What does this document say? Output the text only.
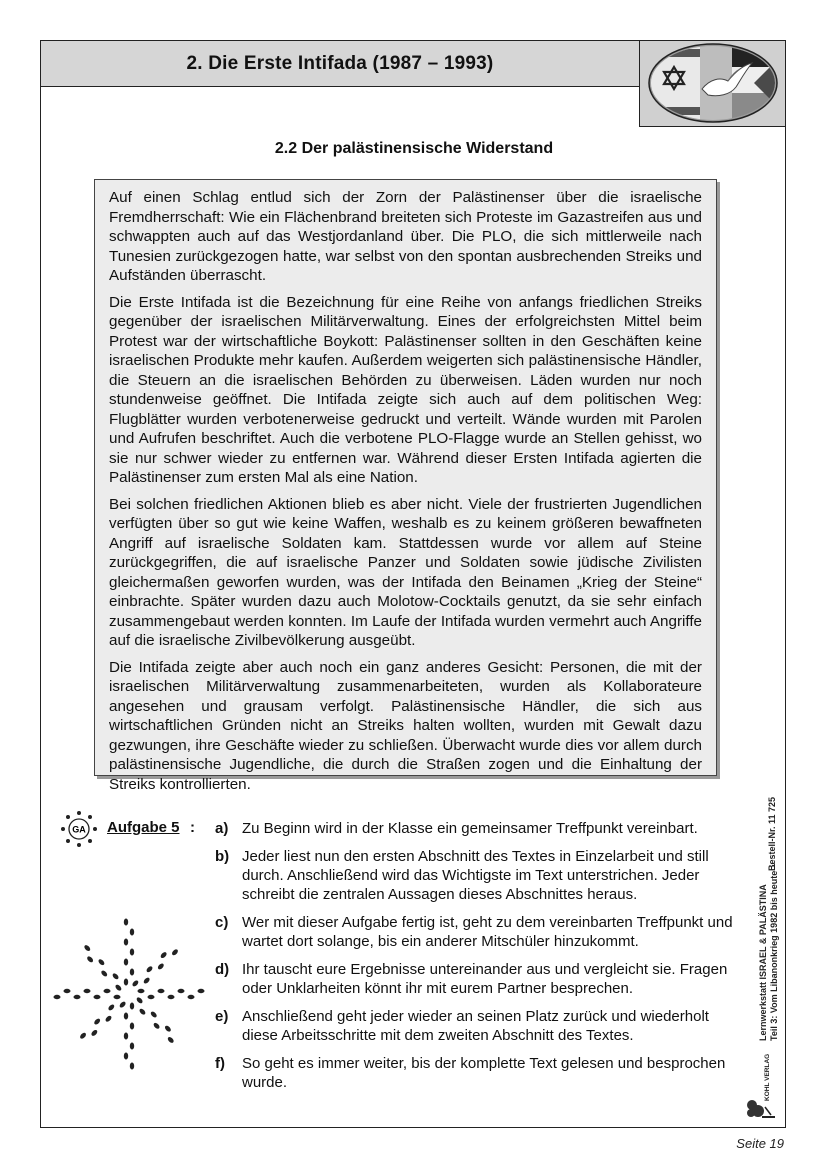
2. Die Erste Intifada (1987 – 1993)
2.2 Der palästinensische Widerstand

Auf einen Schlag entlud sich der Zorn der Palästinenser über die israelische Fremdherrschaft: Wie ein Flächenbrand breiteten sich Proteste im Gazastreifen aus und schwappten auch auf das Westjordanland über. Die PLO, die sich mittlerweile nach Tunesien zurückgezogen hatte, war selbst von den spontan ausbrechenden Streiks und Aufständen überrascht.

Die Erste Intifada ist die Bezeichnung für eine Reihe von anfangs friedlichen Streiks gegenüber der israelischen Militärverwaltung. Eines der erfolgreichsten Mittel beim Protest war der wirtschaftliche Boykott: Palästinenser sollten in den Geschäften keine israelischen Produkte mehr kaufen. Außerdem weigerten sich palästinensische Händler, die Steuern an die israelischen Behörden zu überweisen. Läden wurden nur noch stundenweise geöffnet. Die Intifada zeigte sich auch auf dem politischen Weg: Flugblätter wurden verbotenerweise gedruckt und verteilt. Wände wurden mit Parolen und Aufrufen beschriftet. Auch die verbotene PLO-Flagge wurde an Stellen gehisst, wo sie nur schwer wieder zu entfernen war. Während dieser Ersten Intifada agierten die Palästinenser zum ersten Mal als eine Nation.

Bei solchen friedlichen Aktionen blieb es aber nicht. Viele der frustrierten Jugendlichen verfügten über so gut wie keine Waffen, weshalb es zu keinem größeren bewaffneten Angriff auf israelische Soldaten kam. Stattdessen wurde vor allem auf Steine zurückgegriffen, die auf israelische Panzer und Soldaten sowie jüdische Zivilisten gleichermaßen geworfen wurden, was der Intifada den Beinamen „Krieg der Steine“ einbrachte. Später wurden dazu auch Molotow-Cocktails genutzt, da sie sehr einfach zusammengebaut werden konnten. Im Laufe der Intifada wurden vermehrt auch Angriffe auf die israelische Zivilbevölkerung ausgeübt.

Die Intifada zeigte aber auch noch ein ganz anderes Gesicht: Personen, die mit der israelischen Militärverwaltung zusammenarbeiteten, wurden als Kollaborateure angesehen und grausam verfolgt. Palästinensische Händler, die sich aus wirtschaftlichen Gründen nicht an Streiks halten wollten, wurden mit Gewalt dazu gezwungen, ihre Geschäfte wieder zu schließen. Überwacht wurde dies vor allem durch palästinensische Jugendliche, die durch die Straßen zogen und die Einhaltung der Streiks kontrollierten.

GA Aufgabe 5 : a) Zu Beginn wird in der Klasse ein gemeinsamer Treffpunkt vereinbart.
b) Jeder liest nun den ersten Abschnitt des Textes in Einzelarbeit und still durch. Anschließend wird das Wichtigste im Text unterstrichen. Jeder schreibt die zentralen Aussagen dieses Abschnittes heraus.
c) Wer mit dieser Aufgabe fertig ist, geht zu dem vereinbarten Treffpunkt und wartet dort solange, bis ein anderer Mitschüler hinzukommt.
d) Ihr tauscht eure Ergebnisse untereinander aus und vergleicht sie. Fragen oder Unklarheiten könnt ihr mit eurem Partner besprechen.
e) Anschließend geht jeder wieder an seinen Platz zurück und wiederholt diese Arbeitsschritte mit dem zweiten Abschnitt des Textes.
f)	So geht es immer weiter, bis der komplette Text gelesen und besprochen wurde.
Lernwerkstatt ISRAEL & PALÄSTINA Teil 3: Vom Libanonkrieg 1982 bis heute –
Bestell-Nr. 11 725
KOHL VERLAG
Seite 19
